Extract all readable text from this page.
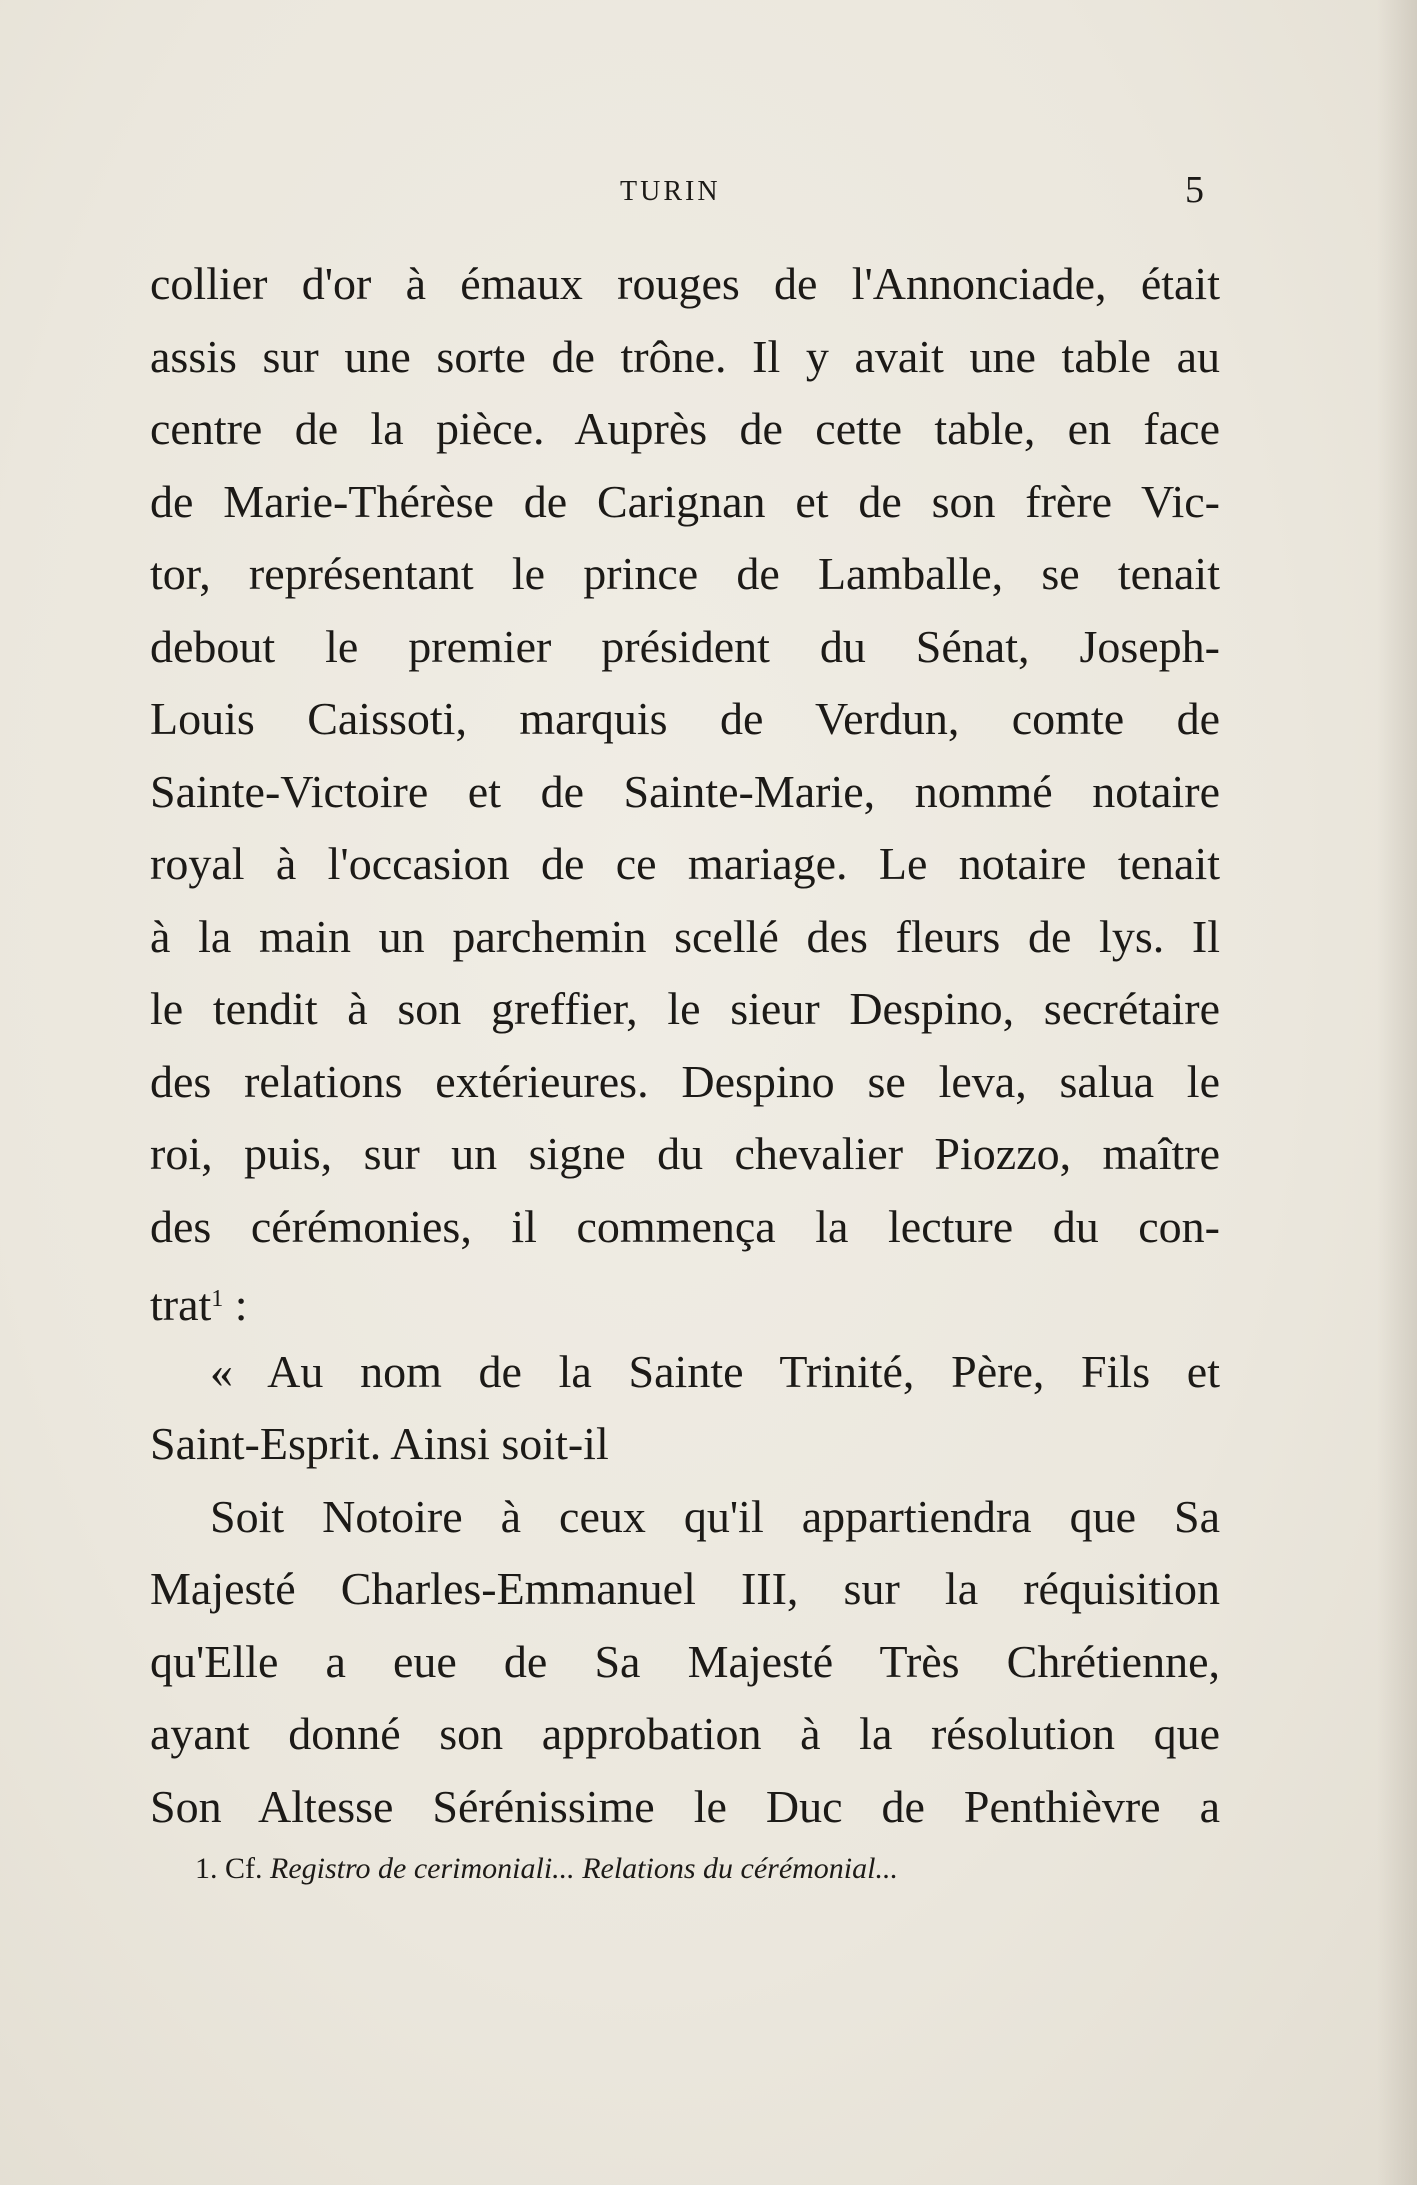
TURIN	5
collier d'or à émaux rouges de l'Annonciade, était
assis sur une sorte de trône. Il y avait une table au
centre de la pièce. Auprès de cette table, en face
de Marie-Thérèse de Carignan et de son frère Vic-
tor, représentant le prince de Lamballe, se tenait
debout le premier président du Sénat, Joseph-
Louis Caissoti, marquis de Verdun, comte de
Sainte-Victoire et de Sainte-Marie, nommé notaire
royal à l'occasion de ce mariage. Le notaire tenait
à la main un parchemin scellé des fleurs de lys. Il
le tendit à son greffier, le sieur Despino, secrétaire
des relations extérieures. Despino se leva, salua le
roi, puis, sur un signe du chevalier Piozzo, maître
des cérémonies, il commença la lecture du con-
trat$^1$ :
« Au nom de la Sainte Trinité, Père, Fils et
Saint-Esprit. Ainsi soit-il
Soit Notoire à ceux qu'il appartiendra que Sa
Majesté Charles-Emmanuel III, sur la réquisition
qu'Elle a eue de Sa Majesté Très Chrétienne,
ayant donné son approbation à la résolution que
Son Altesse Sérénissime le Duc de Penthièvre a
1. Cf. Registro de cerimoniali... Relations du cérémonial...
